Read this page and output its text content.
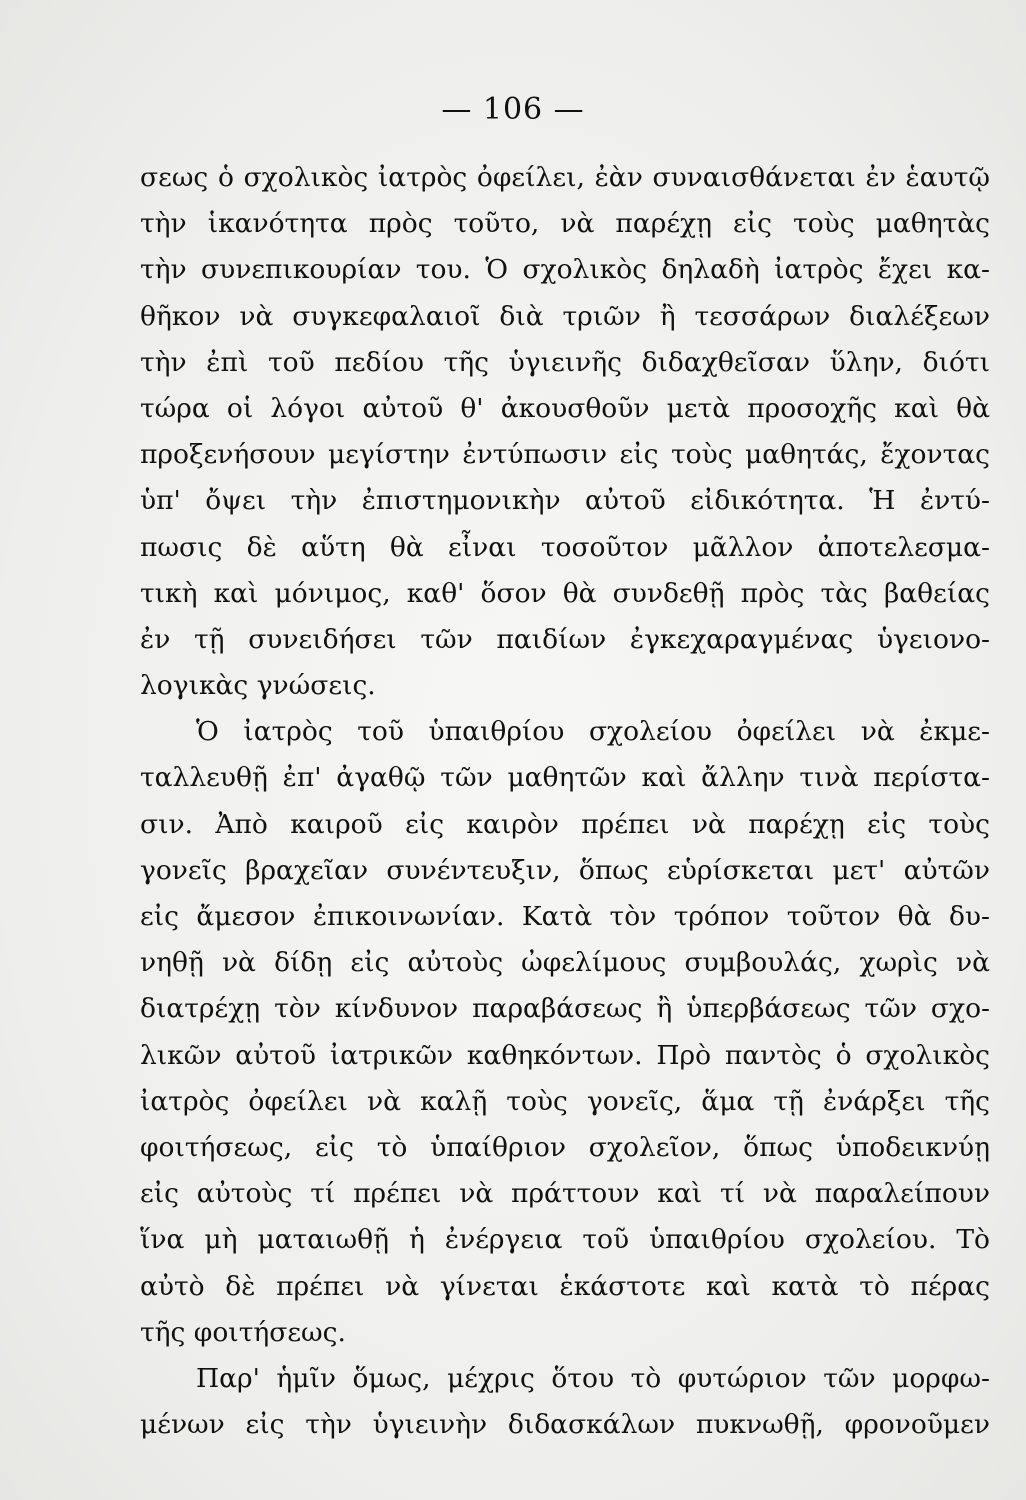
— 106 —
σεως ὁ σχολικὸς ἰατρὸς ὀφείλει, ἐὰν συναισθάνεται ἐν ἑαυτῷ
τὴν ἱκανότητα πρὸς τοῦτο, νὰ παρέχῃ εἰς τοὺς μαθητὰς
τὴν συνεπικουρίαν του. Ὁ σχολικὸς δηλαδὴ ἰατρὸς ἔχει κα-
θῆκον νὰ συγκεφαλαιοῖ διὰ τριῶν ἢ τεσσάρων διαλέξεων
τὴν ἐπὶ τοῦ πεδίου τῆς ὑγιεινῆς διδαχθεῖσαν ὕλην, διότι
τώρα οἱ λόγοι αὐτοῦ θ' ἀκουσθοῦν μετὰ προσοχῆς καὶ θὰ
προξενήσουν μεγίστην ἐντύπωσιν εἰς τοὺς μαθητάς, ἔχοντας
ὑπ' ὄψει τὴν ἐπιστημονικὴν αὐτοῦ εἰδικότητα. Ἡ ἐντύ-
πωσις δὲ αὕτη θὰ εἶναι τοσοῦτον μᾶλλον ἀποτελεσμα-
τικὴ καὶ μόνιμος, καθ' ὅσον θὰ συνδεθῇ πρὸς τὰς βαθείας
ἐν τῇ συνειδήσει τῶν παιδίων ἐγκεχαραγμένας ὑγειονο-
λογικὰς γνώσεις.
Ὁ ἰατρὸς τοῦ ὑπαιθρίου σχολείου ὀφείλει νὰ ἐκμε-
ταλλευθῇ ἐπ' ἀγαθῷ τῶν μαθητῶν καὶ ἄλλην τινὰ περίστα-
σιν. Ἀπὸ καιροῦ εἰς καιρὸν πρέπει νὰ παρέχῃ εἰς τοὺς
γονεῖς βραχεῖαν συνέντευξιν, ὅπως εὑρίσκεται μετ' αὐτῶν
εἰς ἄμεσον ἐπικοινωνίαν. Κατὰ τὸν τρόπον τοῦτον θὰ δυ-
νηθῇ νὰ δίδῃ εἰς αὐτοὺς ὠφελίμους συμβουλάς, χωρὶς νὰ
διατρέχῃ τὸν κίνδυνον παραβάσεως ἢ ὑπερβάσεως τῶν σχο-
λικῶν αὐτοῦ ἰατρικῶν καθηκόντων. Πρὸ παντὸς ὁ σχολικὸς
ἰατρὸς ὀφείλει νὰ καλῇ τοὺς γονεῖς, ἅμα τῇ ἐνάρξει τῆς
φοιτήσεως, εἰς τὸ ὑπαίθριον σχολεῖον, ὅπως ὑποδεικνύῃ
εἰς αὐτοὺς τί πρέπει νὰ πράττουν καὶ τί νὰ παραλείπουν
ἵνα μὴ ματαιωθῇ ἡ ἐνέργεια τοῦ ὑπαιθρίου σχολείου. Τὸ
αὐτὸ δὲ πρέπει νὰ γίνεται ἑκάστοτε καὶ κατὰ τὸ πέρας
τῆς φοιτήσεως.
Παρ' ἡμῖν ὅμως, μέχρις ὅτου τὸ φυτώριον τῶν μορφω-
μένων εἰς τὴν ὑγιεινὴν διδασκάλων πυκνωθῇ, φρονοῦμεν
